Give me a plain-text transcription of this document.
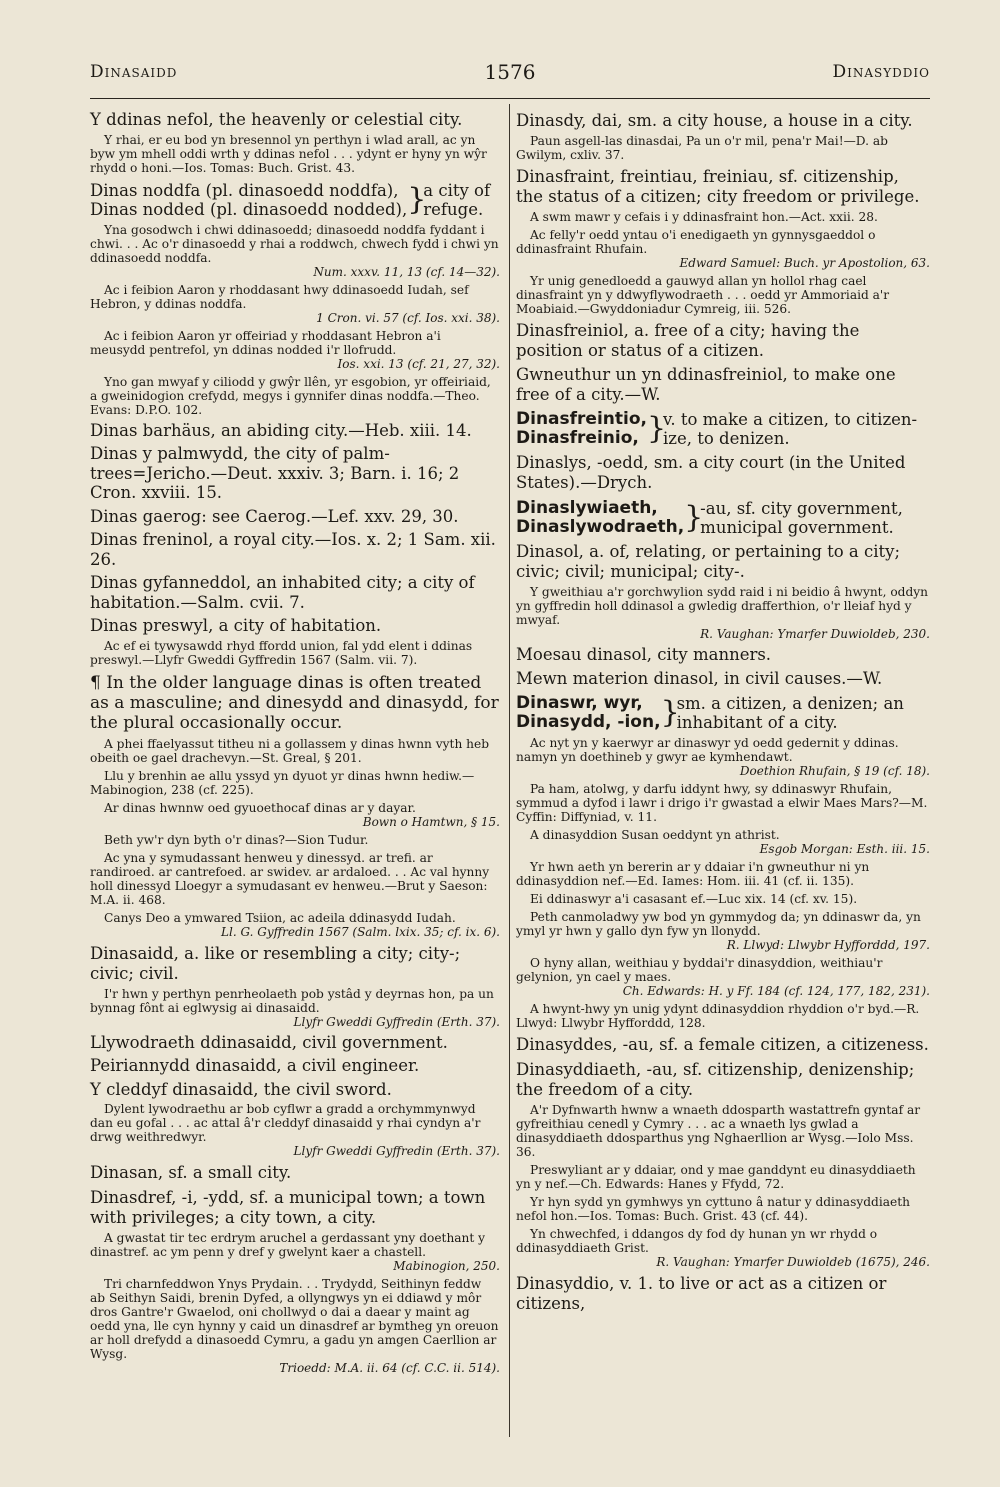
Dinasaidd	1576	Dinasyddio

Y ddinas nefol, the heavenly or celestial city.

Y rhai, er eu bod yn bresennol yn perthyn i wlad arall, ac yn byw ym mhell oddi wrth y ddinas nefol . . . ydynt er hyny yn wŷr rhydd o honi.—Ios. Tomas: Buch. Grist. 43.

Dinas noddfa (pl. dinasoedd noddfa),
Dinas nodded (pl. dinasoedd nodded), }
a city of refuge.

Yna gosodwch i chwi ddinasoedd; dinasoedd noddfa fyddant i chwi. . . Ac o'r dinasoedd y rhai a roddwch, chwech fydd i chwi yn ddinasoedd noddfa.
Num. xxxv. 11, 13 (cf. 14—32).

Ac i feibion Aaron y rhoddasant hwy ddinasoedd Iudah, sef Hebron, y ddinas noddfa.
1 Cron. vi. 57 (cf. Ios. xxi. 38).

Ac i feibion Aaron yr offeiriad y rhoddasant Hebron a'i meusydd pentrefol, yn ddinas nodded i'r llofrudd.
Ios. xxi. 13 (cf. 21, 27, 32).

Yno gan mwyaf y ciliodd y gwŷr llên, yr esgobion, yr offeiriaid, a gweinidogion crefydd, megys i gynnifer dinas noddfa.—Theo. Evans: D.P.O. 102.

Dinas barhäus, an abiding city.—Heb. xiii. 14.

Dinas y palmwydd, the city of palm-trees=Jericho.—Deut. xxxiv. 3; Barn. i. 16; 2 Cron. xxviii. 15.

Dinas gaerog: see Caerog.—Lef. xxv. 29, 30.

Dinas freninol, a royal city.—Ios. x. 2; 1 Sam. xii. 26.

Dinas gyfanneddol, an inhabited city; a city of habitation.—Salm. cvii. 7.

Dinas preswyl, a city of habitation.

Ac ef ei tywysawdd rhyd ffordd union, fal ydd elent i ddinas preswyl.—Llyfr Gweddi Gyffredin 1567 (Salm. vii. 7).

¶ In the older language dinas is often treated as a masculine; and dinesydd and dinasydd, for the plural occasionally occur.

A phei ffaelyassut titheu ni a gollassem y dinas hwnn vyth heb obeith oe gael drachevyn.—St. Greal, § 201.

Llu y brenhin ae allu yssyd yn dyuot yr dinas hwnn hediw.—Mabinogion, 238 (cf. 225).

Ar dinas hwnnw oed gyuoethocaf dinas ar y dayar.
Bown o Hamtwn, § 15.

Beth yw'r dyn byth o'r dinas?—Sion Tudur.

Ac yna y symudassant henweu y dinessyd. ar trefi. ar randiroed. ar cantrefoed. ar swidev. ar ardaloed. . . Ac val hynny holl dinessyd Lloegyr a symudasant ev henweu.—Brut y Saeson: M.A. ii. 468.

Canys Deo a ymwared Tsiion, ac adeila ddinasydd Iudah.
Ll. G. Gyffredin 1567 (Salm. lxix. 35; cf. ix. 6).

Dinasaidd, a. like or resembling a city; city-; civic; civil.

I'r hwn y perthyn penrheolaeth pob ystâd y deyrnas hon, pa un bynnag fônt ai eglwysig ai dinasaidd.
Llyfr Gweddi Gyffredin (Erth. 37).

Llywodraeth ddinasaidd, civil government.

Peiriannydd dinasaidd, a civil engineer.

Y cleddyf dinasaidd, the civil sword.

Dylent lywodraethu ar bob cyflwr a gradd a orchymmynwyd dan eu gofal . . . ac attal â'r cleddyf dinasaidd y rhai cyndyn a'r drwg weithredwyr.
Llyfr Gweddi Gyffredin (Erth. 37).

Dinasan, sf. a small city.

Dinasdref, -i, -ydd, sf. a municipal town; a town with privileges; a city town, a city.

A gwastat tir tec erdrym aruchel a gerdassant yny doethant y dinastref. ac ym penn y dref y gwelynt kaer a chastell.
Mabinogion, 250.

Tri charnfeddwon Ynys Prydain. . . Trydydd, Seithinyn feddw ab Seithyn Saidi, brenin Dyfed, a ollyngwys yn ei ddiawd y môr dros Gantre'r Gwaelod, oni chollwyd o dai a daear y maint ag oedd yna, lle cyn hynny y caid un dinasdref ar bymtheg yn oreuon ar holl drefydd a dinasoedd Cymru, a gadu yn amgen Caerllion ar Wysg.
Trioedd: M.A. ii. 64 (cf. C.C. ii. 514).

Dinasdy, dai, sm. a city house, a house in a city.

Paun asgell-las dinasdai, Pa un o'r mil, pena'r Mai!—D. ab Gwilym, cxliv. 37.

Dinasfraint, freintiau, freiniau, sf. citizenship, the status of a citizen; city freedom or privilege.

A swm mawr y cefais i y ddinasfraint hon.—Act. xxii. 28.

Ac felly'r oedd yntau o'i enedigaeth yn gynnysgaeddol o ddinasfraint Rhufain.
Edward Samuel: Buch. yr Apostolion, 63.

Yr unig genedloedd a gauwyd allan yn hollol rhag cael dinasfraint yn y ddwyflywodraeth . . . oedd yr Ammoriaid a'r Moabiaid.—Gwyddoniadur Cymreig, iii. 526.

Dinasfreiniol, a. free of a city; having the position or status of a citizen.

Gwneuthur un yn ddinasfreiniol, to make one free of a city.—W.

Dinasfreintio,
Dinasfreinio, }
v. to make a citizen, to citizen-ize, to denizen.

Dinaslys, -oedd, sm. a city court (in the United States).—Drych.

Dinaslywiaeth,
Dinaslywodraeth, }
-au, sf. city government, municipal government.

Dinasol, a. of, relating, or pertaining to a city; civic; civil; municipal; city-.

Y gweithiau a'r gorchwylion sydd raid i ni beidio â hwynt, oddyn yn gyffredin holl ddinasol a gwledig drafferthion, o'r lleiaf hyd y mwyaf.
R. Vaughan: Ymarfer Duwioldeb, 230.

Moesau dinasol, city manners.

Mewn materion dinasol, in civil causes.—W.

Dinaswr, wyr,
Dinasydd, -ion, }
sm. a citizen, a denizen; an inhabitant of a city.

Ac nyt yn y kaerwyr ar dinaswyr yd oedd gedernit y ddinas. namyn yn doethineb y gwyr ae kymhendawt.
Doethion Rhufain, § 19 (cf. 18).

Pa ham, atolwg, y darfu iddynt hwy, sy ddinaswyr Rhufain, symmud a dyfod i lawr i drigo i'r gwastad a elwir Maes Mars?—M. Cyffin: Diffyniad, v. 11.

A dinasyddion Susan oeddynt yn athrist.
Esgob Morgan: Esth. iii. 15.

Yr hwn aeth yn bererin ar y ddaiar i'n gwneuthur ni yn ddinasyddion nef.—Ed. Iames: Hom. iii. 41 (cf. ii. 135).

Ei ddinaswyr a'i casasant ef.—Luc xix. 14 (cf. xv. 15).

Peth canmoladwy yw bod yn gymmydog da; yn ddinaswr da, yn ymyl yr hwn y gallo dyn fyw yn llonydd.
R. Llwyd: Llwybr Hyfforddd, 197.

O hyny allan, weithiau y byddai'r dinasyddion, weithiau'r gelynion, yn cael y maes.
Ch. Edwards: H. y Ff. 184 (cf. 124, 177, 182, 231).

A hwynt-hwy yn unig ydynt ddinasyddion rhyddion o'r byd.—R. Llwyd: Llwybr Hyfforddd, 128.

Dinasyddes, -au, sf. a female citizen, a citizeness.

Dinasyddiaeth, -au, sf. citizenship, denizenship; the freedom of a city.

A'r Dyfnwarth hwnw a wnaeth ddosparth wastattrefn gyntaf ar gyfreithiau cenedl y Cymry . . . ac a wnaeth lys gwlad a dinasyddiaeth ddosparthus yng Nghaerllion ar Wysg.—Iolo Mss. 36.

Preswyliant ar y ddaiar, ond y mae ganddynt eu dinasyddiaeth yn y nef.—Ch. Edwards: Hanes y Ffydd, 72.

Yr hyn sydd yn gymhwys yn cyttuno â natur y ddinasyddiaeth nefol hon.—Ios. Tomas: Buch. Grist. 43 (cf. 44).

Yn chwechfed, i ddangos dy fod dy hunan yn wr rhydd o ddinasyddiaeth Grist.
R. Vaughan: Ymarfer Duwioldeb (1675), 246.

Dinasyddio, v. 1. to live or act as a citizen or citizens,
